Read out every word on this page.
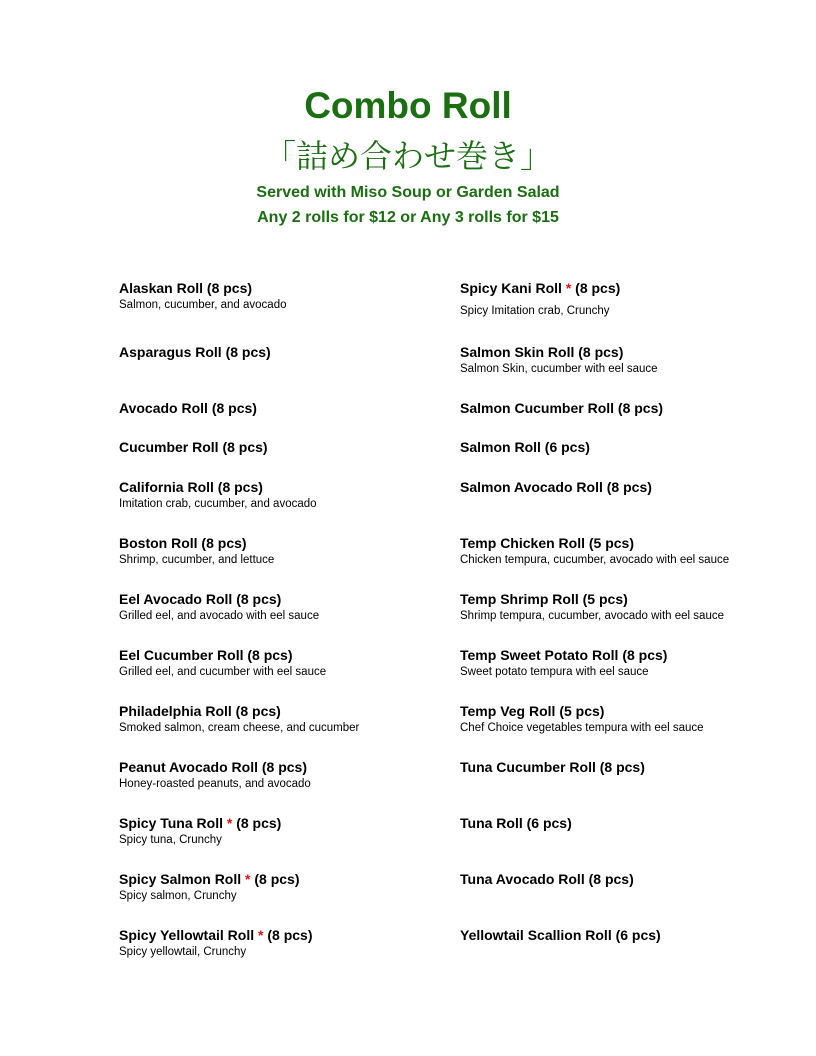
Combo Roll
「詰め合わせ巻き」
Served with Miso Soup or Garden Salad
Any 2 rolls for $12 or Any 3 rolls for $15
Alaskan Roll (8 pcs)
Salmon, cucumber, and avocado
Asparagus Roll (8 pcs)
Avocado Roll (8 pcs)
Cucumber Roll (8 pcs)
California Roll (8 pcs)
Imitation crab, cucumber, and avocado
Boston Roll (8 pcs)
Shrimp, cucumber, and lettuce
Eel Avocado Roll (8 pcs)
Grilled eel, and avocado with eel sauce
Eel Cucumber Roll (8 pcs)
Grilled eel, and cucumber with eel sauce
Philadelphia Roll (8 pcs)
Smoked salmon, cream cheese, and cucumber
Peanut Avocado Roll (8 pcs)
Honey-roasted peanuts, and avocado
Spicy Tuna Roll * (8 pcs)
Spicy tuna, Crunchy
Spicy Salmon Roll * (8 pcs)
Spicy salmon, Crunchy
Spicy Yellowtail Roll * (8 pcs)
Spicy yellowtail, Crunchy
Spicy Kani Roll * (8 pcs)
Spicy Imitation crab, Crunchy
Salmon Skin Roll (8 pcs)
Salmon Skin, cucumber with eel sauce
Salmon Cucumber Roll (8 pcs)
Salmon Roll (6 pcs)
Salmon Avocado Roll (8 pcs)
Temp Chicken Roll (5 pcs)
Chicken tempura, cucumber, avocado with eel sauce
Temp Shrimp Roll (5 pcs)
Shrimp tempura, cucumber, avocado with eel sauce
Temp Sweet Potato Roll (8 pcs)
Sweet potato tempura with eel sauce
Temp Veg Roll (5 pcs)
Chef Choice vegetables tempura with eel sauce
Tuna Cucumber Roll (8 pcs)
Tuna Roll (6 pcs)
Tuna Avocado Roll (8 pcs)
Yellowtail Scallion Roll (6 pcs)
